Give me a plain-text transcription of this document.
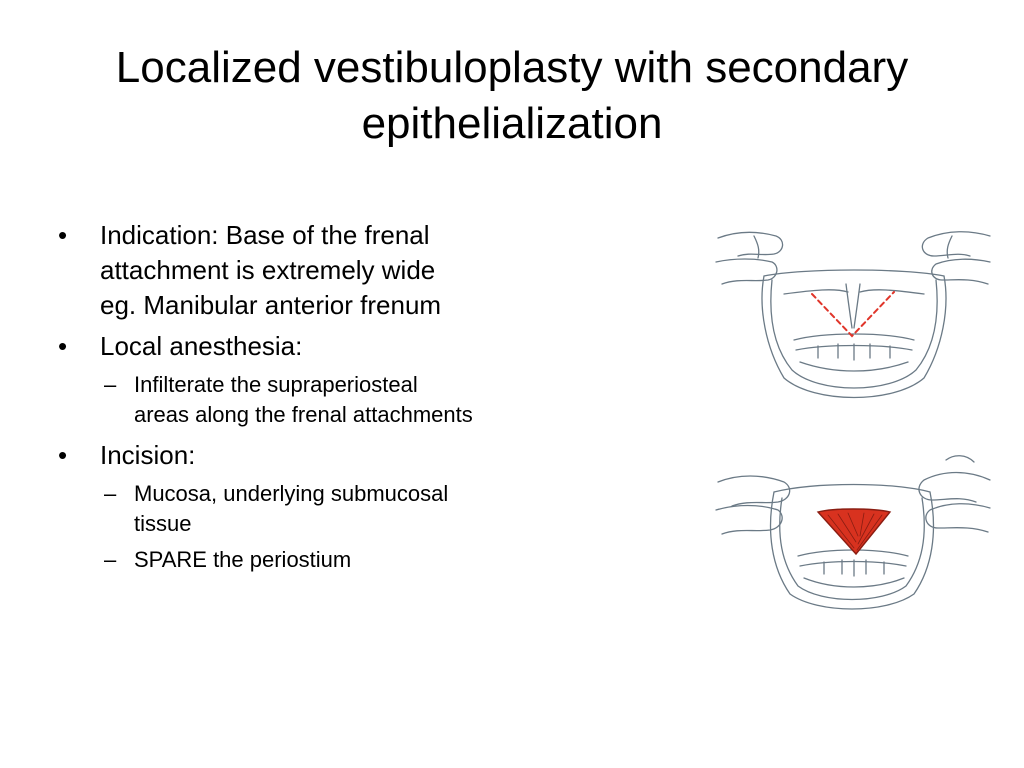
Localized vestibuloplasty with secondary epithelialization
•	Indication: Base of the frenal
attachment is extremely wide
eg. Manibular anterior frenum
•	Local anesthesia:
– Infilterate the supraperiosteal
areas along the frenal attachments
•	Incision:
– Mucosa, underlying submucosal
tissue
– SPARE the periostium
